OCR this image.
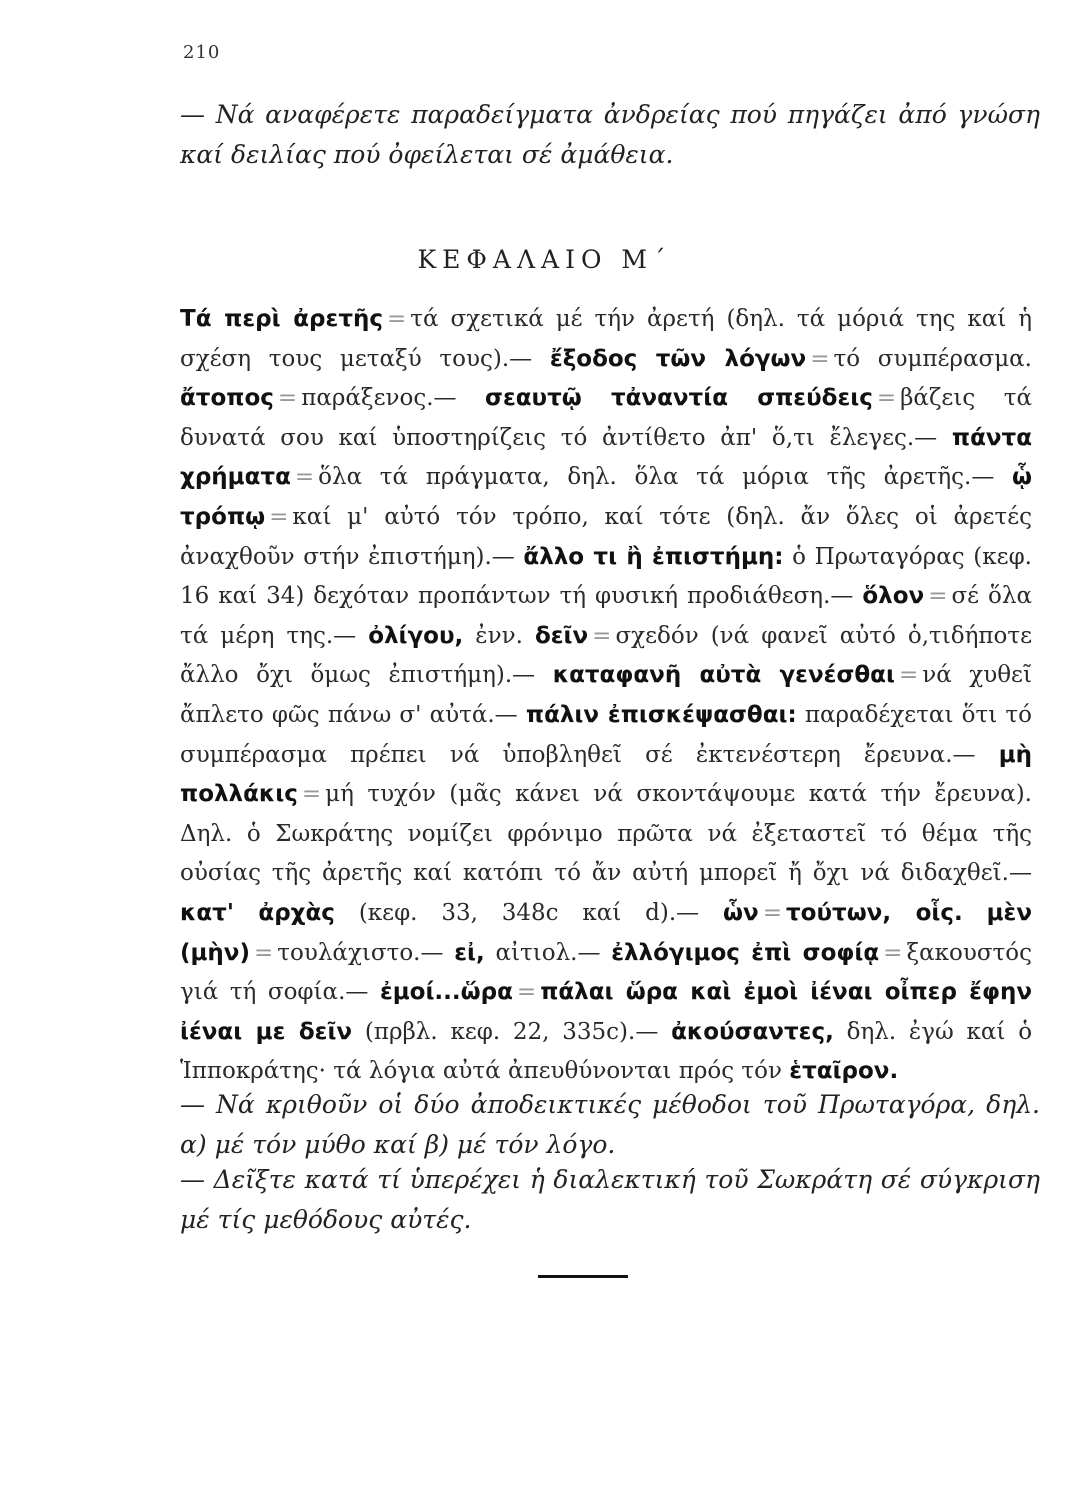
210
— Νά αναφέρετε παραδείγματα ἀνδρείας πού πηγάζει ἀπό γνώση καί δειλίας πού ὀφείλεται σέ ἀμάθεια.
ΚΕΦΑΛΑΙΟ Μ΄
Τά περὶ ἀρετῆς = τά σχετικά μέ τήν ἀρετή (δηλ. τά μόριά της καί ἡ σχέση τους μεταξύ τους).— ἔξοδος τῶν λόγων = τό συμπέρασμα. ἄτοπος = παράξενος.— σεαυτῷ τἀναντία σπεύδεις = βάζεις τά δυνατά σου καί ὑποστηρίζεις τό ἀντίθετο ἀπ' ὅ,τι ἔλεγες.— πάντα χρήματα = ὅλα τά πράγματα, δηλ. ὅλα τά μόρια τῆς ἀρετῆς.— ᾧ τρόπῳ = καί μ' αὐτό τόν τρόπο, καί τότε (δηλ. ἄν ὅλες οἱ ἀρετές ἀναχθοῦν στήν ἐπιστήμη).— ἄλλο τι ἢ ἐπιστήμη: ὁ Πρωταγόρας (κεφ. 16 καί 34) δεχόταν προπάντων τή φυσική προδιάθεση.— ὅλον = σέ ὅλα τά μέρη της.— ὀλίγου, ἐνν. δεῖν = σχεδόν (νά φανεῖ αὐτό ὁ,τιδήποτε ἄλλο ὄχι ὅμως ἐπιστήμη).— καταφανῆ αὐτὰ γενέσθαι = νά χυθεῖ ἄπλετο φῶς πάνω σ' αὐτά.— πάλιν ἐπισκέψασθαι: παραδέχεται ὅτι τό συμπέρασμα πρέπει νά ὑποβληθεῖ σέ ἐκτενέστερη ἔρευνα.— μὴ πολλάκις = μή τυχόν (μᾶς κάνει νά σκοντάψουμε κατά τήν ἔρευνα). Δηλ. ὁ Σωκράτης νομίζει φρόνιμο πρῶτα νά ἐξεταστεῖ τό θέμα τῆς οὐσίας τῆς ἀρετῆς καί κατόπι τό ἄν αὐτή μπορεῖ ἤ ὄχι νά διδαχθεῖ.— κατ' ἀρχὰς (κεφ. 33, 348c καί d).— ὧν = τούτων, οἷς. μὲν (μὴν) = τουλάχιστο.— εἰ, αἰτιολ.— ἐλλόγιμος ἐπὶ σοφίᾳ = ξακουστός γιά τή σοφία.— ἐμοί...ὥρα = πάλαι ὥρα καὶ ἐμοὶ ἰέναι οἶπερ ἔφην ἰέναι με δεῖν (πρβλ. κεφ. 22, 335c).— ἀκούσαντες, δηλ. ἐγώ καί ὁ Ἱπποκράτης· τά λόγια αὐτά ἀπευθύνονται πρός τόν ἑταῖρον.
— Νά κριθοῦν οἱ δύο ἀποδεικτικές μέθοδοι τοῦ Πρωταγόρα, δηλ. α) μέ τόν μύθο καί β) μέ τόν λόγο.
— Δεῖξτε κατά τί ὑπερέχει ἡ διαλεκτική τοῦ Σωκράτη σέ σύγκριση μέ τίς μεθόδους αὐτές.
